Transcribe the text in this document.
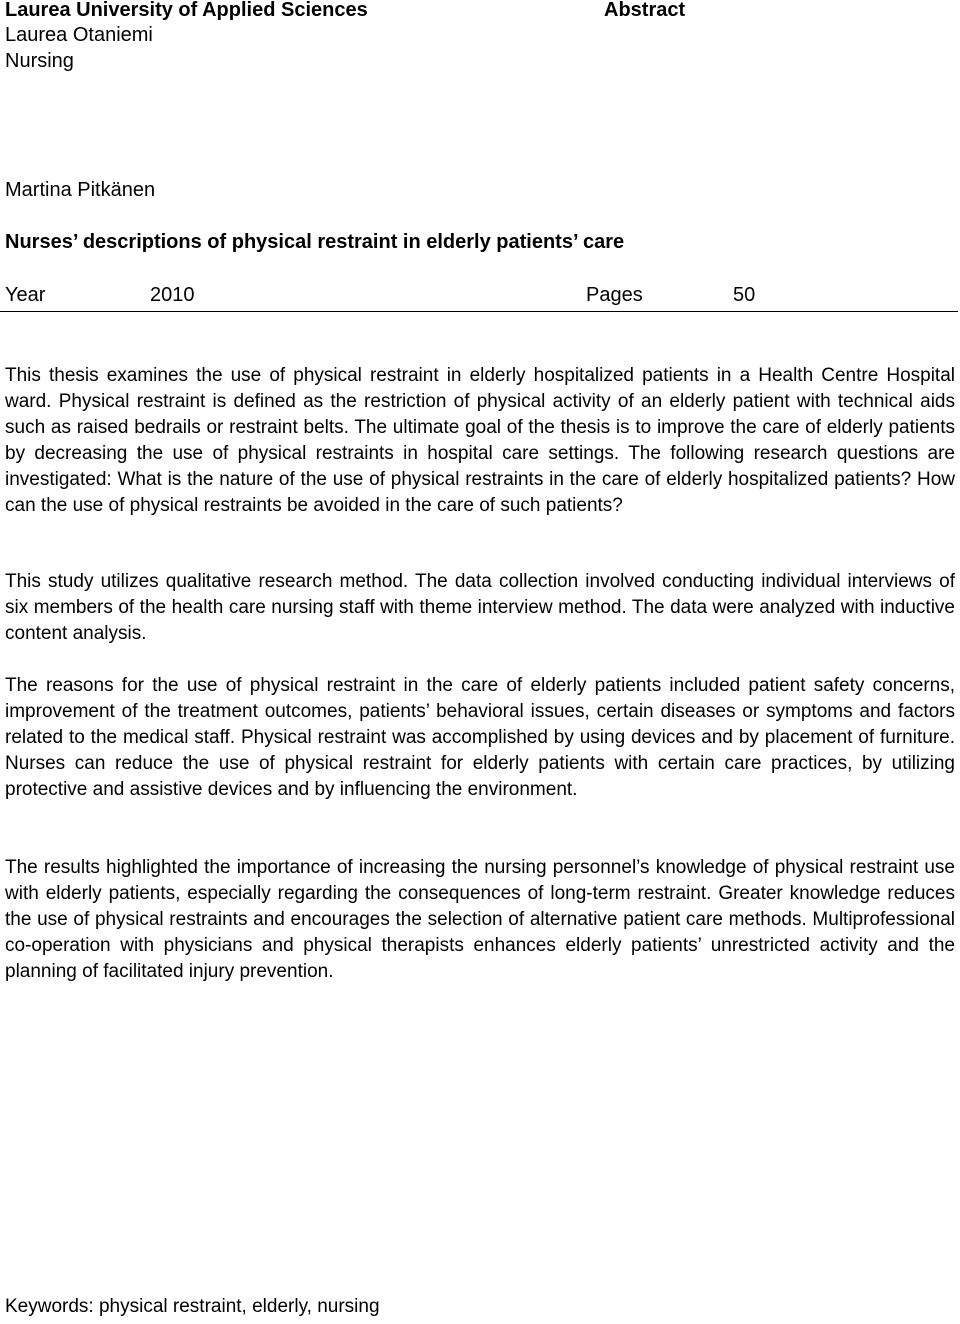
Laurea University of Applied Sciences	Abstract
Laurea Otaniemi
Nursing
Martina Pitkänen
Nurses’ descriptions of physical restraint in elderly patients’ care
Year	2010	Pages	50

This thesis examines the use of physical restraint in elderly hospitalized patients in a Health Centre Hospital ward. Physical restraint is defined as the restriction of physical activity of an elderly patient with technical aids such as raised bedrails or restraint belts. The ultimate goal of the thesis is to improve the care of elderly patients by decreasing the use of physical restraints in hospital care settings. The following research questions are investigated: What is the nature of the use of physical restraints in the care of elderly hospitalized patients? How can the use of physical restraints be avoided in the care of such patients?

This study utilizes qualitative research method. The data collection involved conducting individual interviews of six members of the health care nursing staff with theme interview method. The data were analyzed with inductive content analysis.

The reasons for the use of physical restraint in the care of elderly patients included patient safety concerns, improvement of the treatment outcomes, patients’ behavioral issues, certain diseases or symptoms and factors related to the medical staff. Physical restraint was accomplished by using devices and by placement of furniture. Nurses can reduce the use of physical restraint for elderly patients with certain care practices, by utilizing protective and assistive devices and by influencing the environment.

The results highlighted the importance of increasing the nursing personnel’s knowledge of physical restraint use with elderly patients, especially regarding the consequences of long-term restraint. Greater knowledge reduces the use of physical restraints and encourages the selection of alternative patient care methods. Multiprofessional co-operation with physicians and physical therapists enhances elderly patients’ unrestricted activity and the planning of facilitated injury prevention.

Keywords: physical restraint, elderly, nursing
